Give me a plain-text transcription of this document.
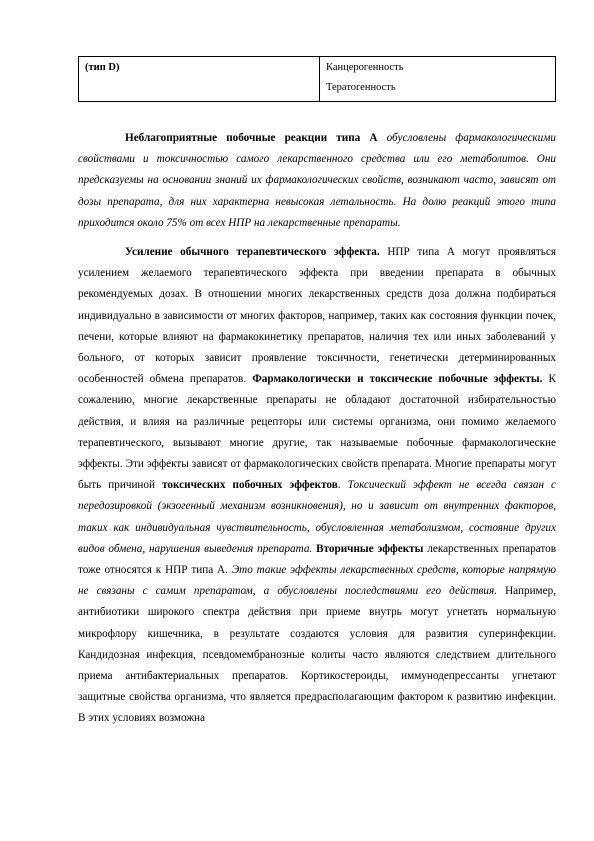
(тип D)	Канцерогенность
Тератогенность

Неблагоприятные побочные реакции типа А обусловлены фармакологическими свойствами и токсичностью самого лекарственного средства или его метаболитов. Они предсказуемы на основании знаний их фармакологических свойств, возникают часто, зависят от дозы препарата, для них характерна невысокая летальность. На долю реакций этого типа приходится около 75% от всех НПР на лекарственные препараты.

Усиление обычного терапевтического эффекта. НПР типа А могут проявляться усилением желаемого терапевтического эффекта при введении препарата в обычных рекомендуемых дозах. В отношении многих лекарственных средств доза должна подбираться индивидуально в зависимости от многих факторов, например, таких как состояния функции почек, печени, которые влияют на фармакокинетику препаратов, наличия тех или иных заболеваний у больного, от которых зависит проявление токсичности, генетически детерминированных особенностей обмена препаратов. Фармакологически и токсические побочные эффекты. К сожалению, многие лекарственные препараты не обладают достаточной избирательностью действия, и влияя на различные рецепторы или системы организма, они помимо желаемого терапевтического, вызывают многие другие, так называемые побочные фармакологические эффекты. Эти эффекты зависят от фармакологических свойств препарата. Многие препараты могут быть причиной токсических побочных эффектов. Токсический эффект не всегда связан с передозировкой (экзогенный механизм возникновения), но и зависит от внутренних факторов, таких как индивидуальная чувствительность, обусловленная метаболизмом, состояние других видов обмена, нарушения выведения препарата. Вторичные эффекты лекарственных препаратов тоже относятся к НПР типа А. Это такие эффекты лекарственных средств, которые напрямую не связаны с самим препаратом, а обусловлены последствиями его действия. Например, антибиотики широкого спектра действия при приеме внутрь могут угнетать нормальную микрофлору кишечника, в результате создаются условия для развития суперинфекции. Кандидозная инфекция, псевдомембранозные колиты часто являются следствием длительного приема антибактериальных препаратов. Кортикостероиды, иммунодепрессанты угнетают защитные свойства организма, что является предрасполагающим фактором к развитию инфекции. В этих условиях возможна
